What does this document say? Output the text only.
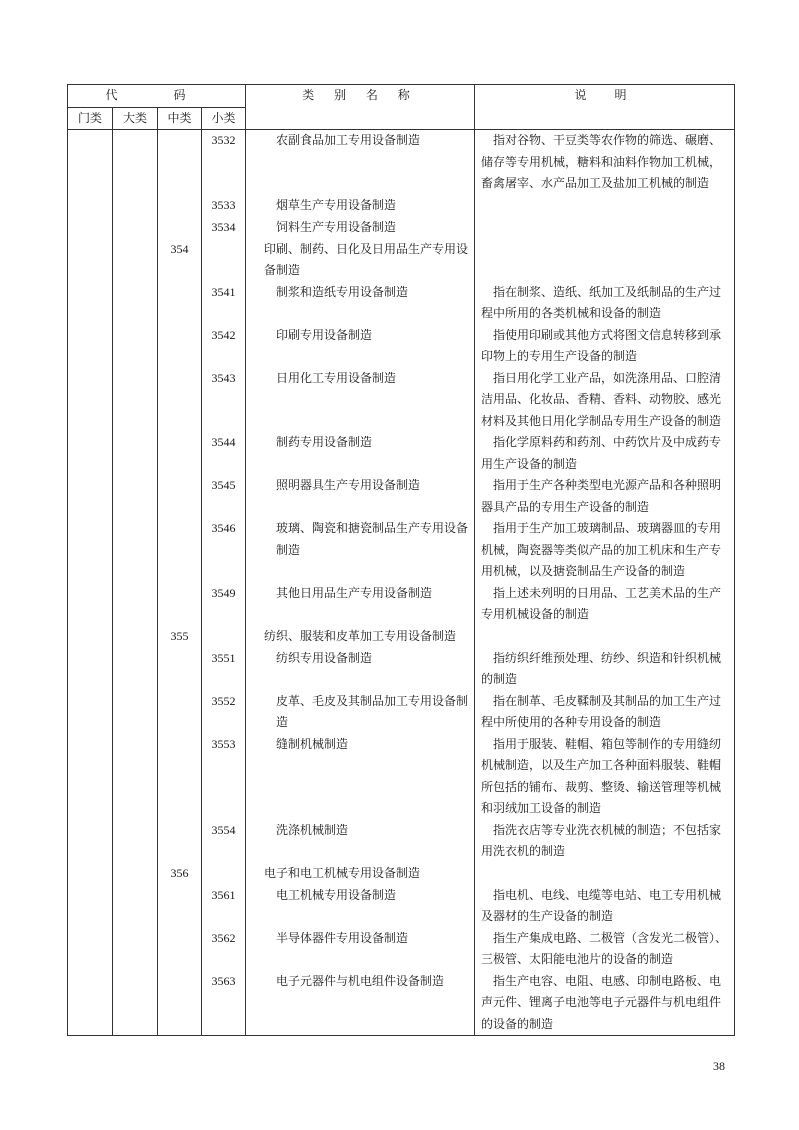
代　码				类 别 名 称	说　明
门类	大类	中类	小类		

			3532	农副食品加工专用设备制造	指对谷物、干豆类等农作物的筛选、碾磨、储存等专用机械，糖料和油料作物加工机械，畜禽屠宰、水产品加工及盐加工机械的制造

			3533	烟草生产专用设备制造	

			3534	饲料生产专用设备制造	

		354		印刷、制药、日化及日用品生产专用设备制造	

			3541	制浆和造纸专用设备制造	指在制浆、造纸、纸加工及纸制品的生产过程中所用的各类机械和设备的制造

			3542	印刷专用设备制造	指使用印刷或其他方式将图文信息转移到承印物上的专用生产设备的制造

			3543	日用化工专用设备制造	指日用化学工业产品，如洗涤用品、口腔清洁用品、化妆品、香精、香料、动物胶、感光材料及其他日用化学制品专用生产设备的制造

			3544	制药专用设备制造	指化学原料药和药剂、中药饮片及中成药专用生产设备的制造

			3545	照明器具生产专用设备制造	指用于生产各种类型电光源产品和各种照明器具产品的专用生产设备的制造

			3546	玻璃、陶瓷和搪瓷制品生产专用设备制造	指用于生产加工玻璃制品、玻璃器皿的专用机械，陶瓷器等类似产品的加工机床和生产专用机械，以及搪瓷制品生产设备的制造

			3549	其他日用品生产专用设备制造	指上述未列明的日用品、工艺美术品的生产专用机械设备的制造

		355		纺织、服装和皮革加工专用设备制造	

			3551	纺织专用设备制造	指纺织纤维预处理、纺纱、织造和针织机械的制造

			3552	皮革、毛皮及其制品加工专用设备制造	指在制革、毛皮鞣制及其制品的加工生产过程中所使用的各种专用设备的制造

			3553	缝制机械制造	指用于服装、鞋帽、箱包等制作的专用缝纫机械制造，以及生产加工各种面料服装、鞋帽所包括的铺布、裁剪、整烫、输送管理等机械和羽绒加工设备的制造

			3554	洗涤机械制造	指洗衣店等专业洗衣机械的制造；不包括家用洗衣机的制造

		356		电子和电工机械专用设备制造	

			3561	电工机械专用设备制造	指电机、电线、电缆等电站、电工专用机械及器材的生产设备的制造

			3562	半导体器件专用设备制造	指生产集成电路、二极管（含发光二极管）、三极管、太阳能电池片的设备的制造

			3563	电子元器件与机电组件设备制造	指生产电容、电阻、电感、印制电路板、电声元件、锂离子电池等电子元器件与机电组件的设备的制造
38
